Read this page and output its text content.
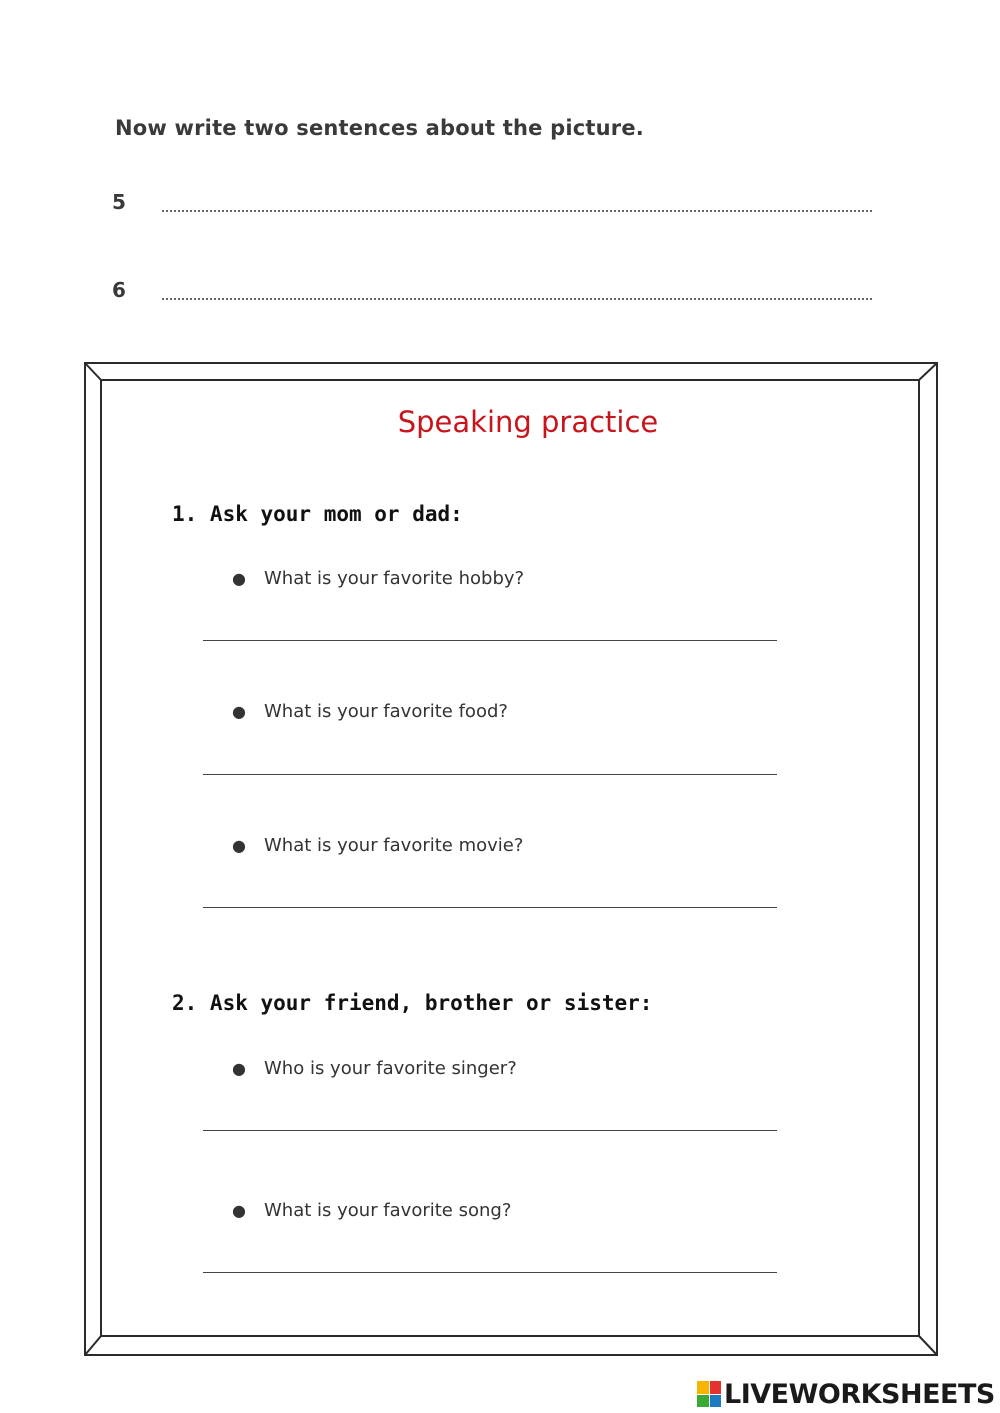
Now write two sentences about the picture.
5
6
Speaking practice
1. Ask your mom or dad:
● What is your favorite hobby?
● What is your favorite food?
● What is your favorite movie?
2. Ask your friend, brother or sister:
● Who is your favorite singer?
● What is your favorite song?
LIVEWORKSHEETS
